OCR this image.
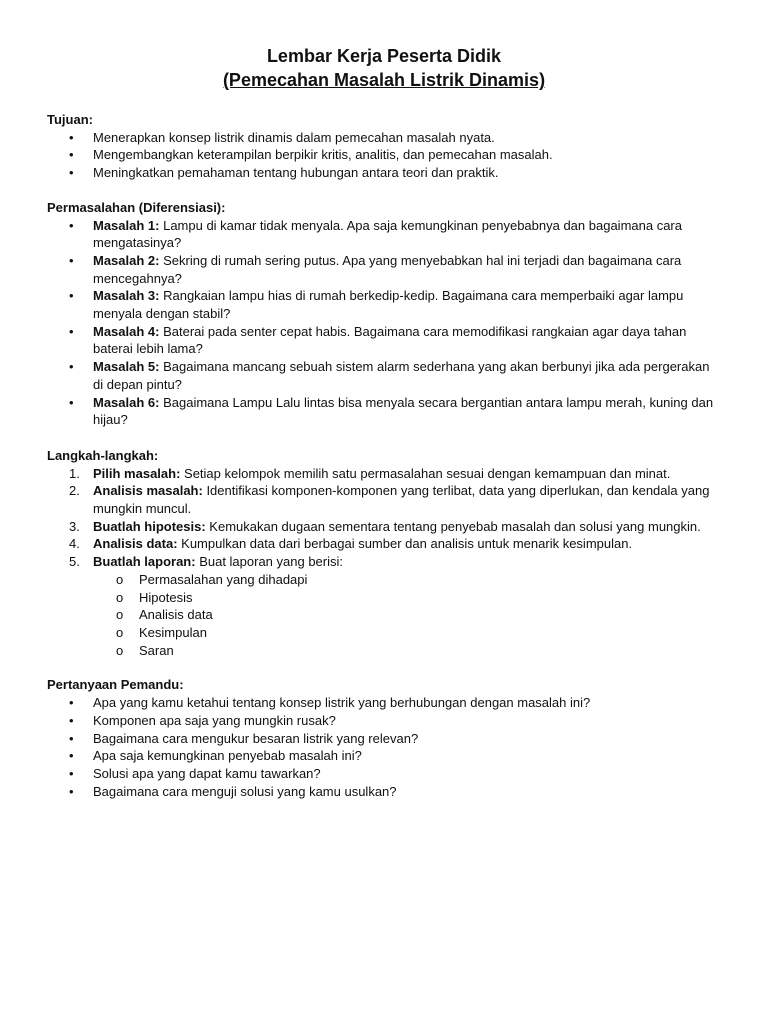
Lembar Kerja Peserta Didik
(Pemecahan Masalah Listrik Dinamis)
Tujuan:
• Menerapkan konsep listrik dinamis dalam pemecahan masalah nyata.
• Mengembangkan keterampilan berpikir kritis, analitis, dan pemecahan masalah.
• Meningkatkan pemahaman tentang hubungan antara teori dan praktik.
Permasalahan (Diferensiasi):
• Masalah 1: Lampu di kamar tidak menyala. Apa saja kemungkinan penyebabnya dan bagaimana cara mengatasinya?
• Masalah 2: Sekring di rumah sering putus. Apa yang menyebabkan hal ini terjadi dan bagaimana cara mencegahnya?
• Masalah 3: Rangkaian lampu hias di rumah berkedip-kedip. Bagaimana cara memperbaiki agar lampu menyala dengan stabil?
• Masalah 4: Baterai pada senter cepat habis. Bagaimana cara memodifikasi rangkaian agar daya tahan baterai lebih lama?
• Masalah 5: Bagaimana mancang sebuah sistem alarm sederhana yang akan berbunyi jika ada pergerakan di depan pintu?
• Masalah 6: Bagaimana Lampu Lalu lintas bisa menyala secara bergantian antara lampu merah, kuning dan hijau?
Langkah-langkah:
1.	Pilih masalah: Setiap kelompok memilih satu permasalahan sesuai dengan kemampuan dan minat.
2.	Analisis masalah: Identifikasi komponen-komponen yang terlibat, data yang diperlukan, dan kendala yang mungkin muncul.
3.	Buatlah hipotesis: Kemukakan dugaan sementara tentang penyebab masalah dan solusi yang mungkin.
4.	Analisis data: Kumpulkan data dari berbagai sumber dan analisis untuk menarik kesimpulan.
5.	Buatlah laporan: Buat laporan yang berisi:
o Permasalahan yang dihadapi
o Hipotesis
o Analisis data
o Kesimpulan
o Saran
Pertanyaan Pemandu:
• Apa yang kamu ketahui tentang konsep listrik yang berhubungan dengan masalah ini?
• Komponen apa saja yang mungkin rusak?
• Bagaimana cara mengukur besaran listrik yang relevan?
• Apa saja kemungkinan penyebab masalah ini?
• Solusi apa yang dapat kamu tawarkan?
• Bagaimana cara menguji solusi yang kamu usulkan?
